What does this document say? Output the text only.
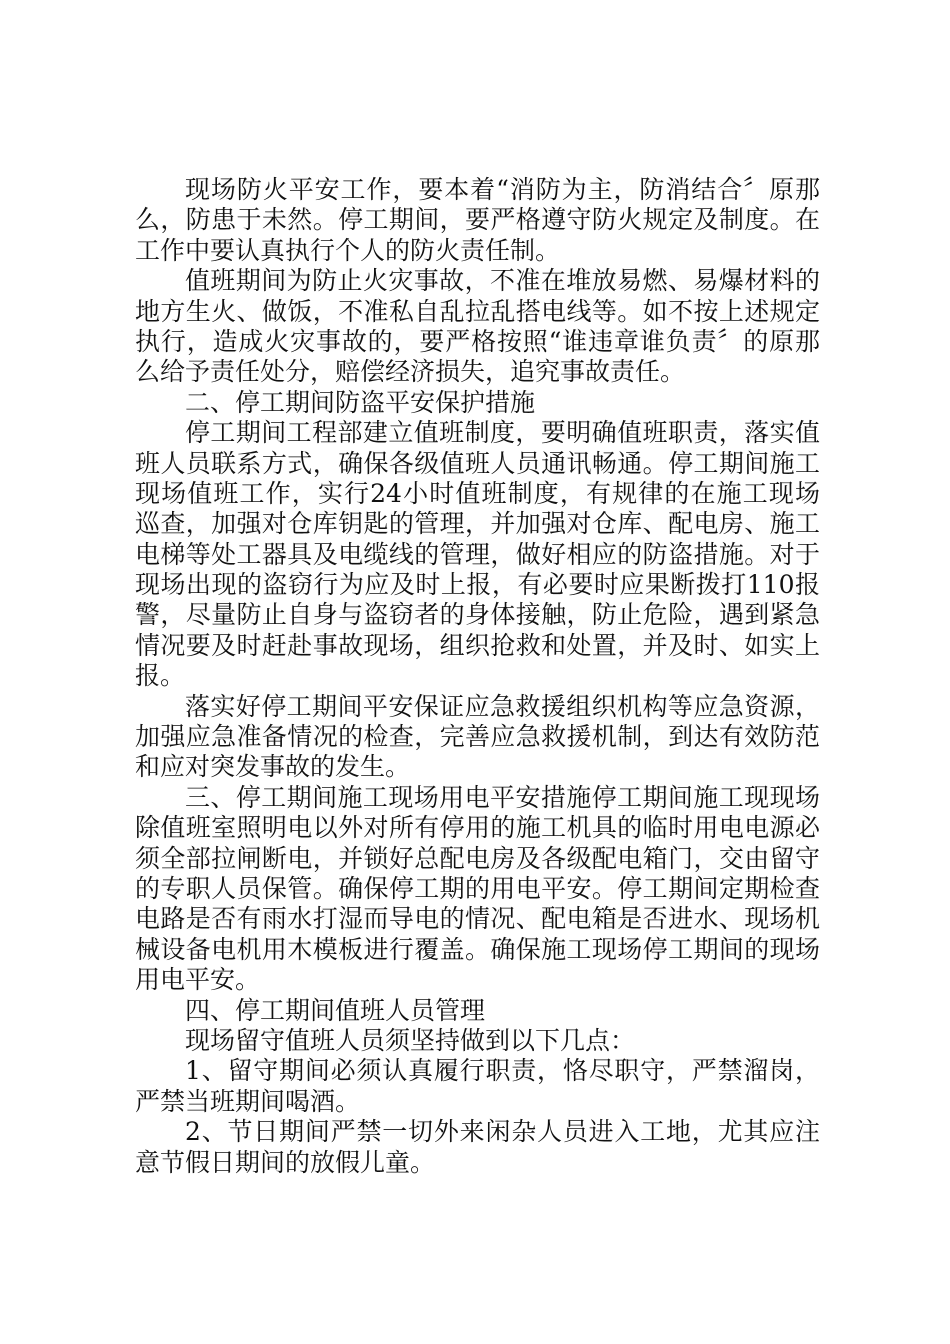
现场防火平安工作，要本着“消防为主，防消结合〞原那
么，防患于未然。停工期间，要严格遵守防火规定及制度。在
工作中要认真执行个人的防火责任制。
值班期间为防止火灾事故，不准在堆放易燃、易爆材料的
地方生火、做饭，不准私自乱拉乱搭电线等。如不按上述规定
执行，造成火灾事故的，要严格按照“谁违章谁负责〞的原那
么给予责任处分，赔偿经济损失，追究事故责任。
二、停工期间防盗平安保护措施
停工期间工程部建立值班制度，要明确值班职责，落实值
班人员联系方式，确保各级值班人员通讯畅通。停工期间施工
现场值班工作，实行24小时值班制度，有规律的在施工现场
巡查，加强对仓库钥匙的管理，并加强对仓库、配电房、施工
电梯等处工器具及电缆线的管理，做好相应的防盗措施。对于
现场出现的盗窃行为应及时上报，有必要时应果断拨打110报
警，尽量防止自身与盗窃者的身体接触，防止危险，遇到紧急
情况要及时赶赴事故现场，组织抢救和处置，并及时、如实上
报。
落实好停工期间平安保证应急救援组织机构等应急资源，
加强应急准备情况的检查，完善应急救援机制，到达有效防范
和应对突发事故的发生。
三、停工期间施工现场用电平安措施停工期间施工现现场
除值班室照明电以外对所有停用的施工机具的临时用电电源必
须全部拉闸断电，并锁好总配电房及各级配电箱门，交由留守
的专职人员保管。确保停工期的用电平安。停工期间定期检查
电路是否有雨水打湿而导电的情况、配电箱是否进水、现场机
械设备电机用木模板进行覆盖。确保施工现场停工期间的现场
用电平安。
四、停工期间值班人员管理
现场留守值班人员须坚持做到以下几点：
1、留守期间必须认真履行职责，恪尽职守，严禁溜岗，
严禁当班期间喝酒。
2、节日期间严禁一切外来闲杂人员进入工地，尤其应注
意节假日期间的放假儿童。
